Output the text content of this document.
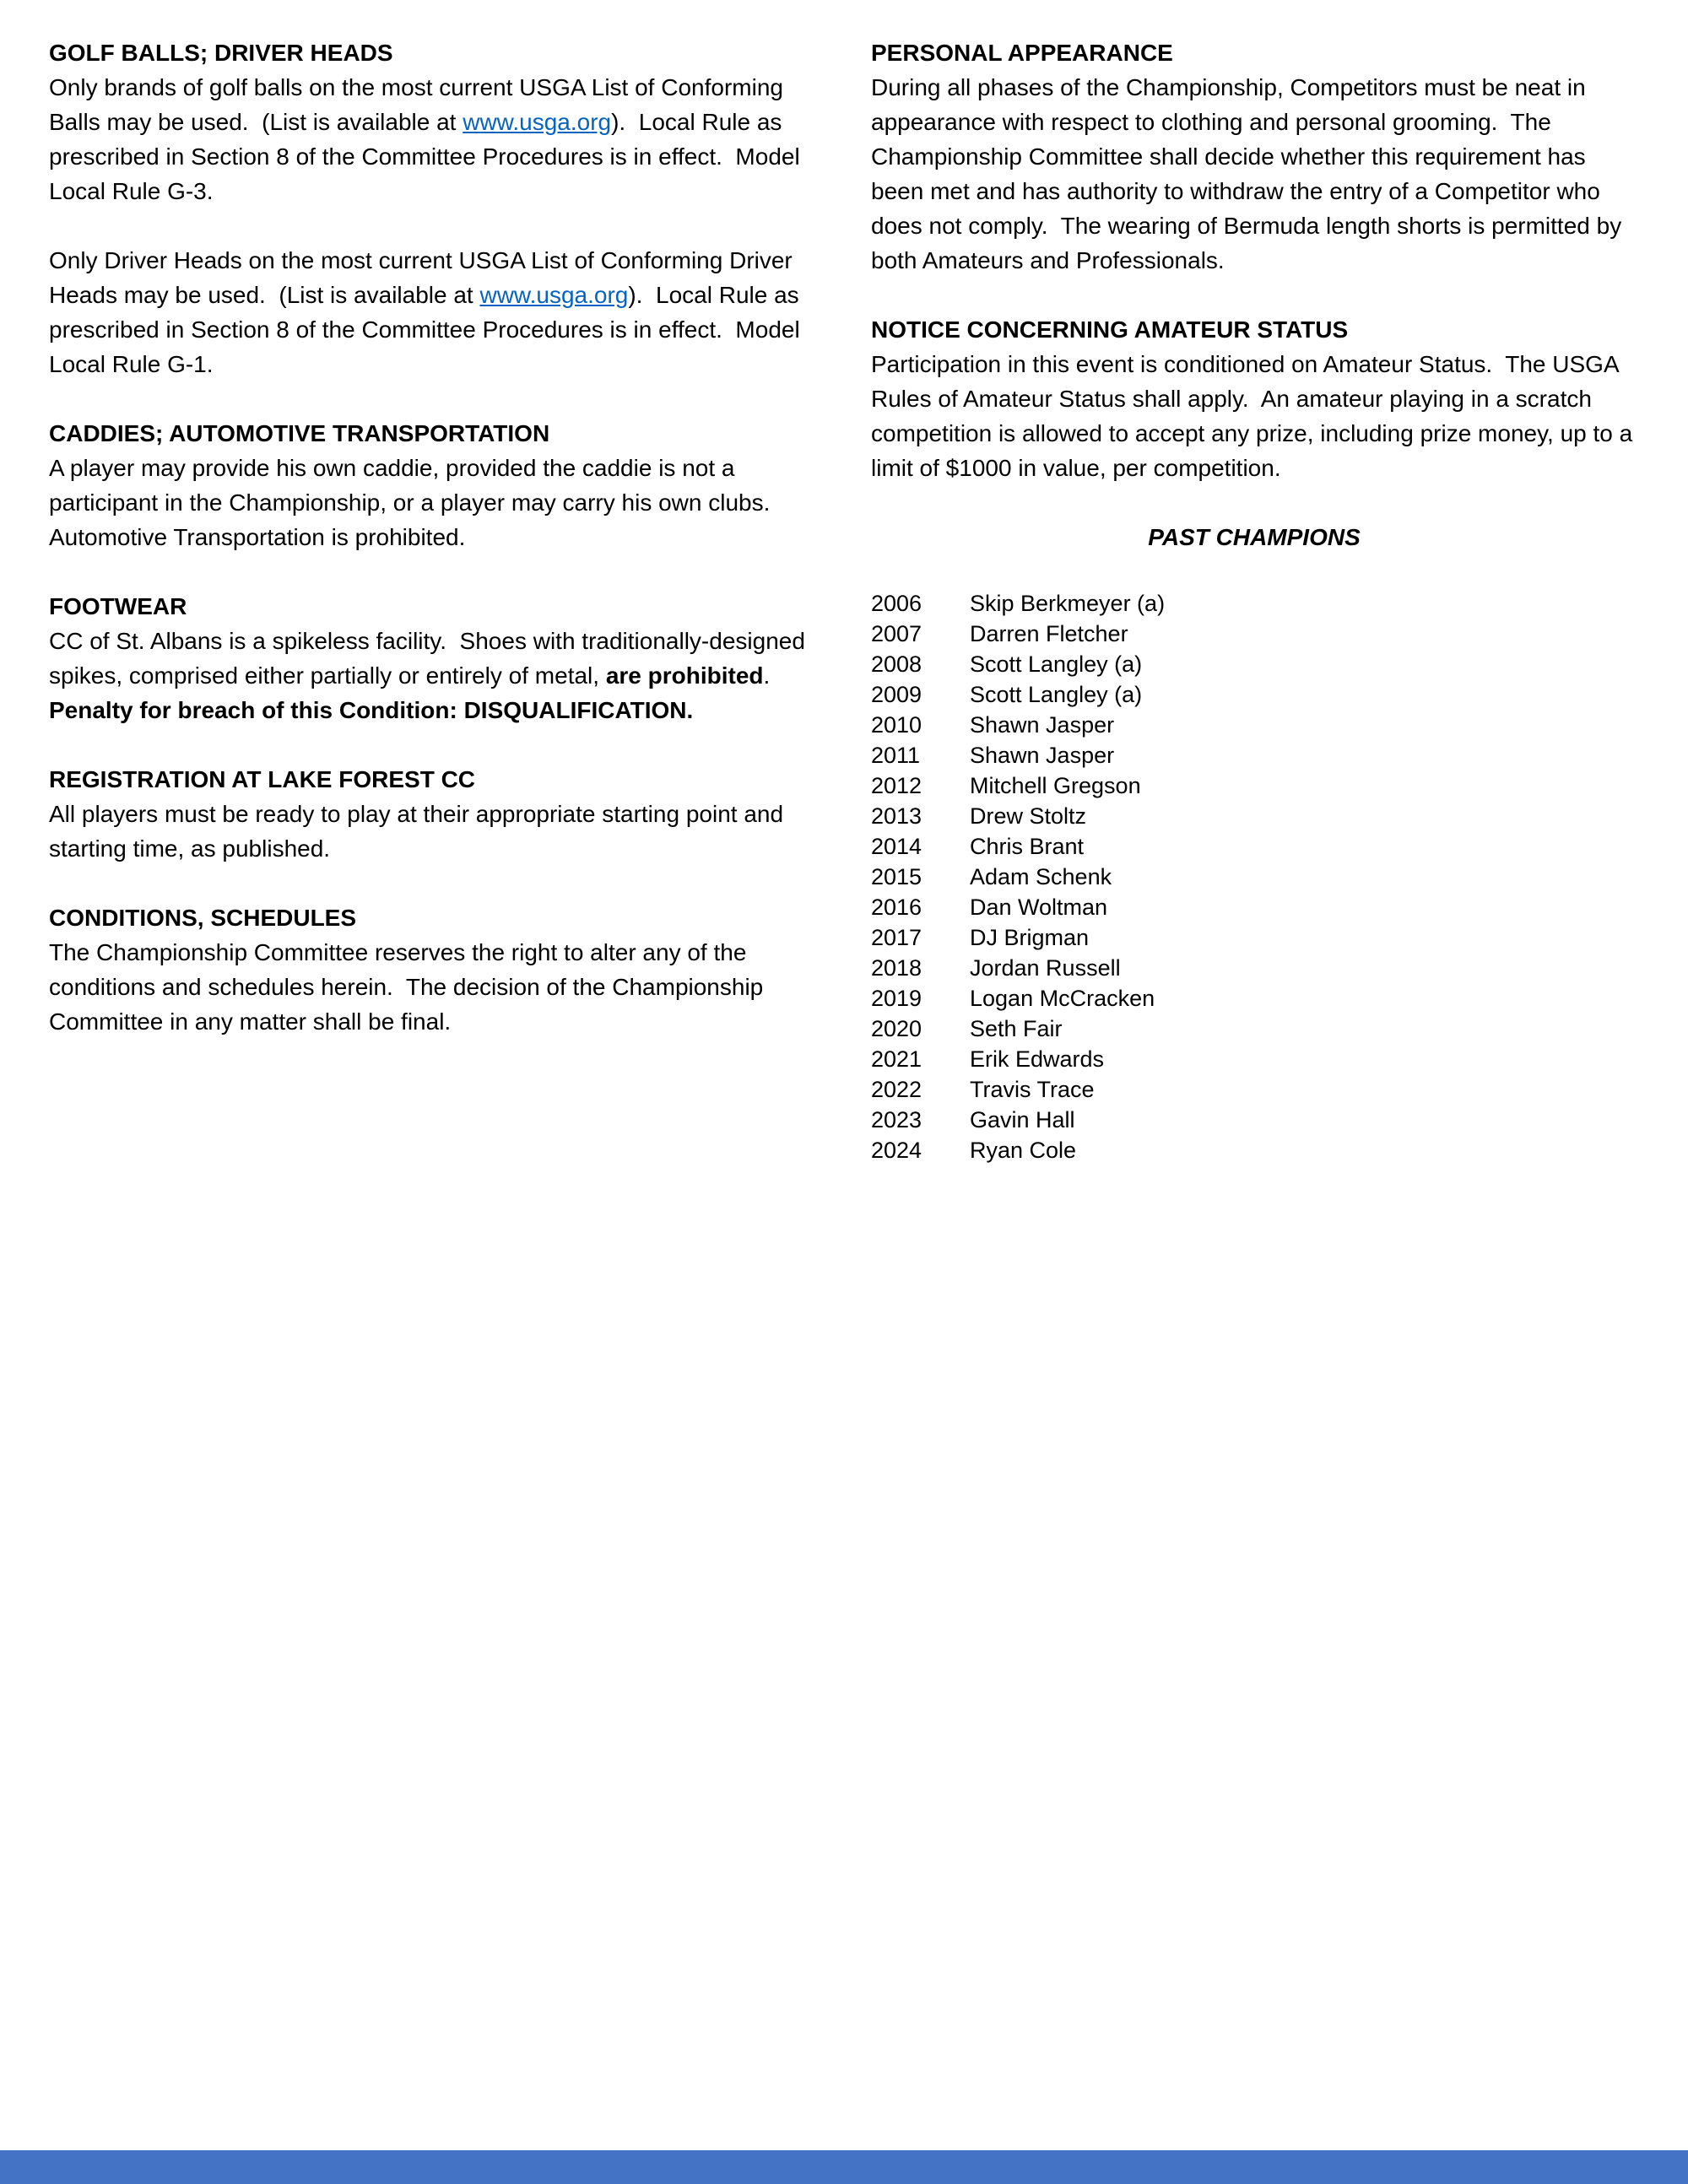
GOLF BALLS; DRIVER HEADS

Only brands of golf balls on the most current USGA List of Conforming Balls may be used.  (List is available at www.usga.org).  Local Rule as prescribed in Section 8 of the Committee Procedures is in effect.  Model Local Rule G-3.

Only Driver Heads on the most current USGA List of Conforming Driver Heads may be used.  (List is available at www.usga.org).  Local Rule as prescribed in Section 8 of the Committee Procedures is in effect.  Model Local Rule G-1.

CADDIES; AUTOMOTIVE TRANSPORTATION

A player may provide his own caddie, provided the caddie is not a participant in the Championship, or a player may carry his own clubs.  Automotive Transportation is prohibited.

FOOTWEAR

CC of St. Albans is a spikeless facility.  Shoes with traditionally-designed spikes, comprised either partially or entirely of metal, are prohibited.  Penalty for breach of this Condition: DISQUALIFICATION.

REGISTRATION AT LAKE FOREST CC

All players must be ready to play at their appropriate starting point and starting time, as published.

CONDITIONS, SCHEDULES

The Championship Committee reserves the right to alter any of the conditions and schedules herein.  The decision of the Championship Committee in any matter shall be final.

PERSONAL APPEARANCE

During all phases of the Championship, Competitors must be neat in appearance with respect to clothing and personal grooming.  The Championship Committee shall decide whether this requirement has been met and has authority to withdraw the entry of a Competitor who does not comply.  The wearing of Bermuda length shorts is permitted by both Amateurs and Professionals.

NOTICE CONCERNING AMATEUR STATUS

Participation in this event is conditioned on Amateur Status.  The USGA Rules of Amateur Status shall apply.  An amateur playing in a scratch competition is allowed to accept any prize, including prize money, up to a limit of $1000 in value, per competition.

PAST CHAMPIONS
2006	Skip Berkmeyer (a)
2007	Darren Fletcher
2008	Scott Langley (a)
2009	Scott Langley (a)
2010	Shawn Jasper
2011	Shawn Jasper
2012	Mitchell Gregson
2013	Drew Stoltz
2014	Chris Brant
2015	Adam Schenk
2016	Dan Woltman
2017	DJ Brigman
2018	Jordan Russell
2019	Logan McCracken
2020	Seth Fair
2021	Erik Edwards
2022	Travis Trace
2023	Gavin Hall
2024	Ryan Cole
